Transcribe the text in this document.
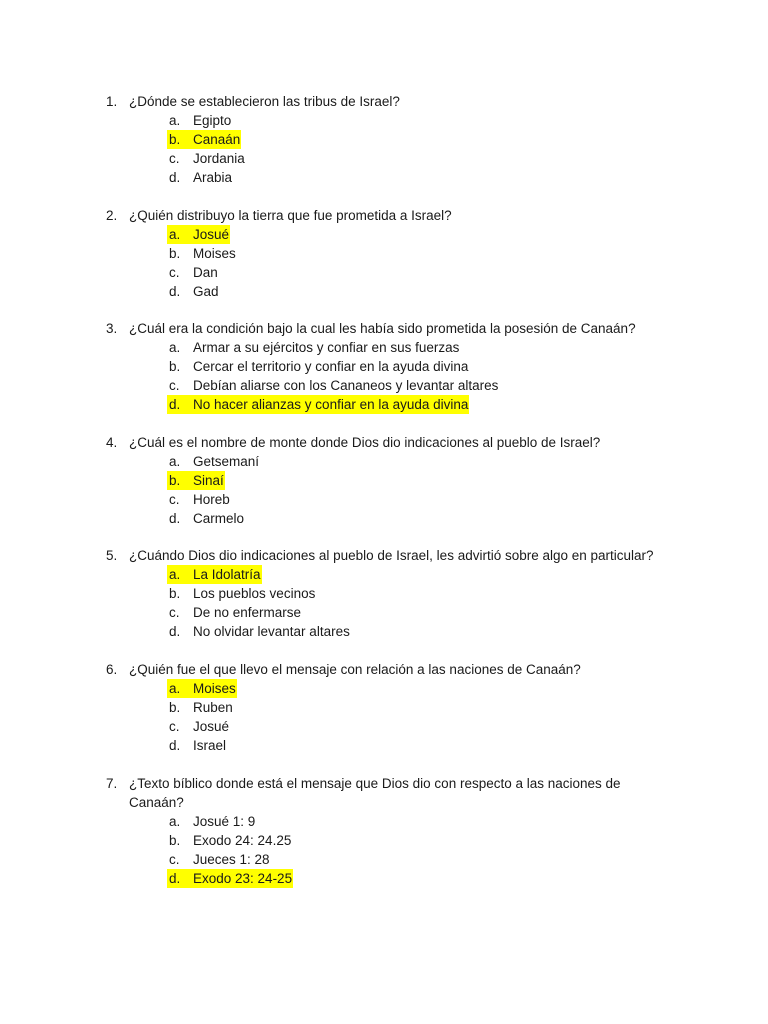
1. ¿Dónde se establecieron las tribus de Israel?
a. Egipto
b. Canaán
c. Jordania
d. Arabia
2. ¿Quién distribuyo la tierra que fue prometida a Israel?
a. Josué
b. Moises
c. Dan
d. Gad
3. ¿Cuál era la condición bajo la cual les había sido prometida la posesión de Canaán?
a. Armar a su ejércitos y confiar en sus fuerzas
b. Cercar el territorio y confiar en la ayuda divina
c. Debían aliarse con los Cananeos y levantar altares
d. No hacer alianzas y confiar en la ayuda divina
4. ¿Cuál es el nombre de monte donde Dios dio indicaciones al pueblo de Israel?
a. Getsemaní
b. Sinaí
c. Horeb
d. Carmelo
5. ¿Cuándo Dios dio indicaciones al pueblo de Israel, les advirtió sobre algo en particular?
a. La Idolatría
b. Los pueblos vecinos
c. De no enfermarse
d. No olvidar levantar altares
6. ¿Quién fue el que llevo el mensaje con relación a las naciones de Canaán?
a. Moises
b. Ruben
c. Josué
d. Israel
7. ¿Texto bíblico donde está el mensaje que Dios dio con respecto a las naciones de Canaán?
a. Josué 1: 9
b. Exodo 24: 24.25
c. Jueces 1: 28
d. Exodo 23: 24-25
